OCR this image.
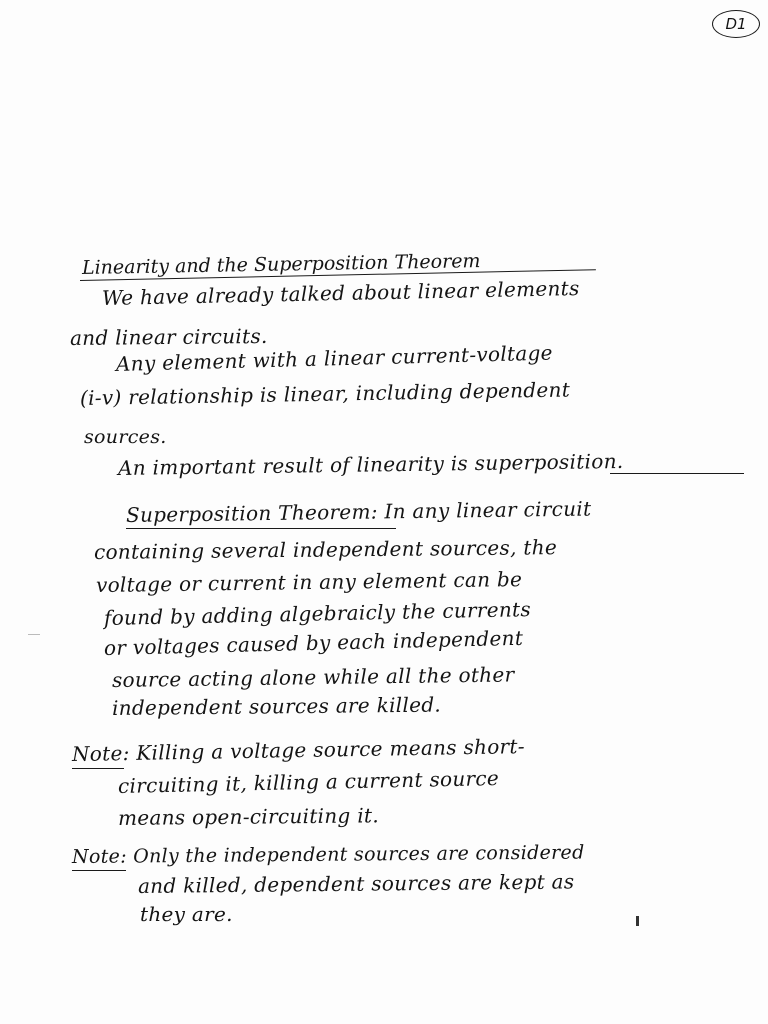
D1
Linearity and the Superposition Theorem
We have already talked about linear elements
and linear circuits.
Any element with a linear current-voltage
(i-v) relationship is linear, including dependent
sources.
An important result of linearity is superposition.
Superposition Theorem: In any linear circuit
containing several independent sources, the
voltage or current in any element can be
found by adding algebraicly the currents
or voltages caused by each independent
source acting alone while all the other
independent sources are killed.
Note: Killing a voltage source means short-
circuiting it, killing a current source
means open-circuiting it.
Note: Only the independent sources are considered
and killed, dependent sources are kept as
they are.
